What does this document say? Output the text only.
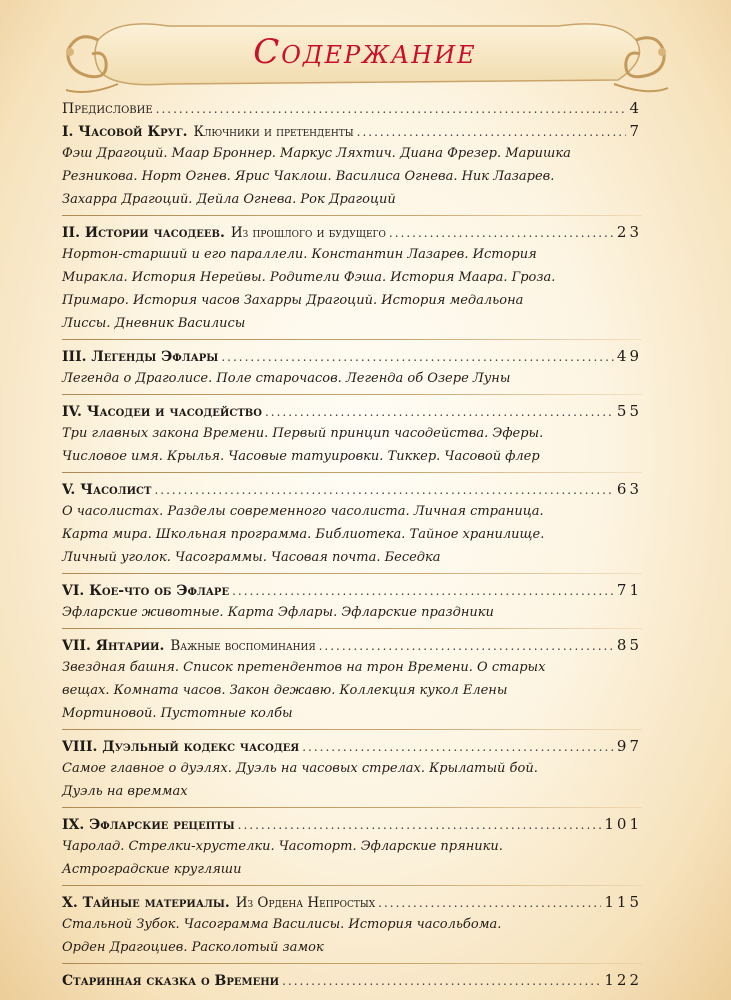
Содержание
Предисловие .....	4
I. Часовой Круг. Ключники и претенденты .....	7
Фэш Драгоций. Маар Броннер. Маркус Ляхтич. Диана Фрезер. Маришка
Резникова. Норт Огнев. Ярис Чаклош. Василиса Огнева. Ник Лазарев.
Захарра Драгоций. Дейла Огнева. Рок Драгоций
II. Истории часодеев. Из прошлого и будущего .....	23
Нортон-старший и его параллели. Константин Лазарев. История
Миракла. История Нерейвы. Родители Фэша. История Маара. Гроза.
Примаро. История часов Захарры Драгоций. История медальона
Лиссы. Дневник Василисы
III. Легенды Эфлары .....	49
Легенда о Драголисе. Поле старочасов. Легенда об Озере Луны
IV. Часодеи и часодейство .....	55
Три главных закона Времени. Первый принцип часодейства. Эферы.
Числовое имя. Крылья. Часовые татуировки. Тиккер. Часовой флер
V. Часолист .....	63
О часолистах. Разделы современного часолиста. Личная страница.
Карта мира. Школьная программа. Библиотека. Тайное хранилище.
Личный уголок. Часограммы. Часовая почта. Беседка
VI. Кое-что об Эфларе .....	71
Эфларские животные. Карта Эфлары. Эфларские праздники
VII. Янтарии. Важные воспоминания .....	85
Звездная башня. Список претендентов на трон Времени. О старых
вещах. Комната часов. Закон дежавю. Коллекция кукол Елены
Мортиновой. Пустотные колбы
VIII. Дуэльный кодекс часодея .....	97
Самое главное о дуэлях. Дуэль на часовых стрелах. Крылатый бой.
Дуэль на времмах
IX. Эфларские рецепты .....	101
Чаролад. Стрелки-хрустелки. Часоторт. Эфларские пряники.
Астроградские кругляши
X. Тайные материалы. Из Ордена Непростых .....	115
Стальной Зубок. Часограмма Василисы. История часольбома.
Орден Драгоциев. Расколотый замок
Старинная сказка о Времени .....	122
